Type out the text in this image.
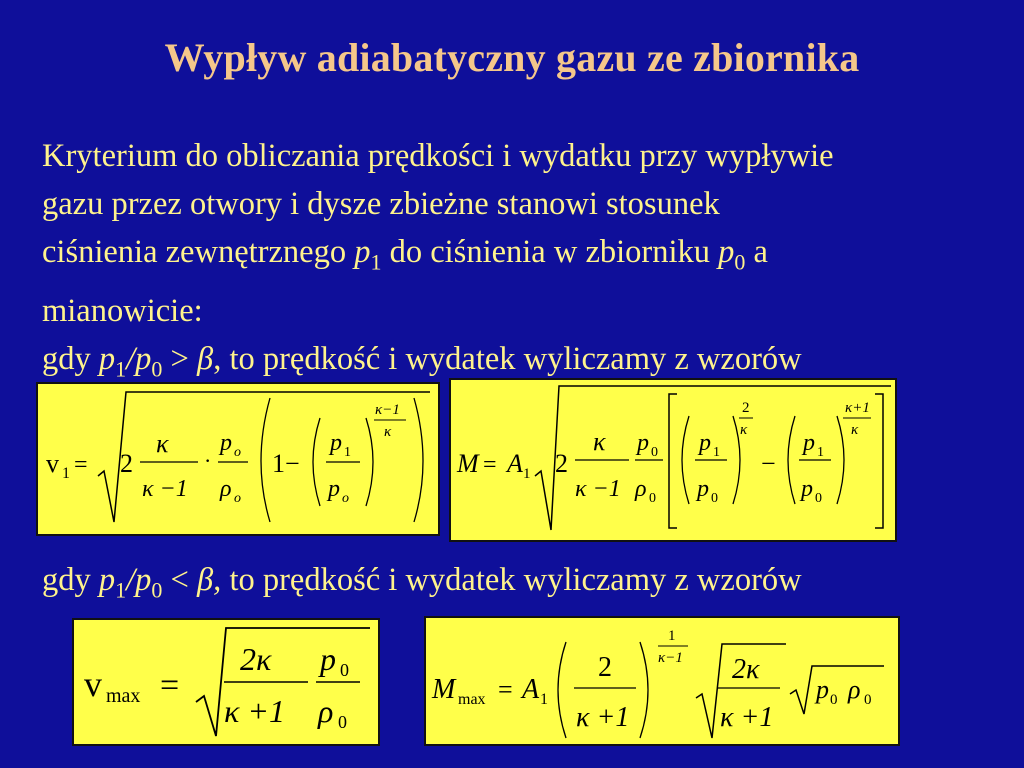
Wypływ adiabatyczny gazu ze zbiornika
Kryterium do obliczania prędkości i wydatku przy wypływie
gazu przez otwory i dysze zbieżne stanowi stosunek
ciśnienia zewnętrznego $p_1$ do ciśnienia w zbiorniku $p_0$ a
mianowicie:
gdy $p_1/p_0 > \beta$, to prędkość i wydatek wyliczamy z wzorów
v 1 = 2
κ
κ −1
·
p o
ρ o
1−
p 1
p o
κ−1
κ
M = A 1 2
κ
κ −1
p 0
ρ 0
p 1
p 0
2
κ
−
p 1
p 0
κ+1
κ
gdy $p_1/p_0 < \beta$, to prędkość i wydatek wyliczamy z wzorów
v max =
2κ
κ +1
p 0
ρ 0
M max = A 1
2
κ +1
1
κ−1 2κ
κ +1
p 0 ρ 0
